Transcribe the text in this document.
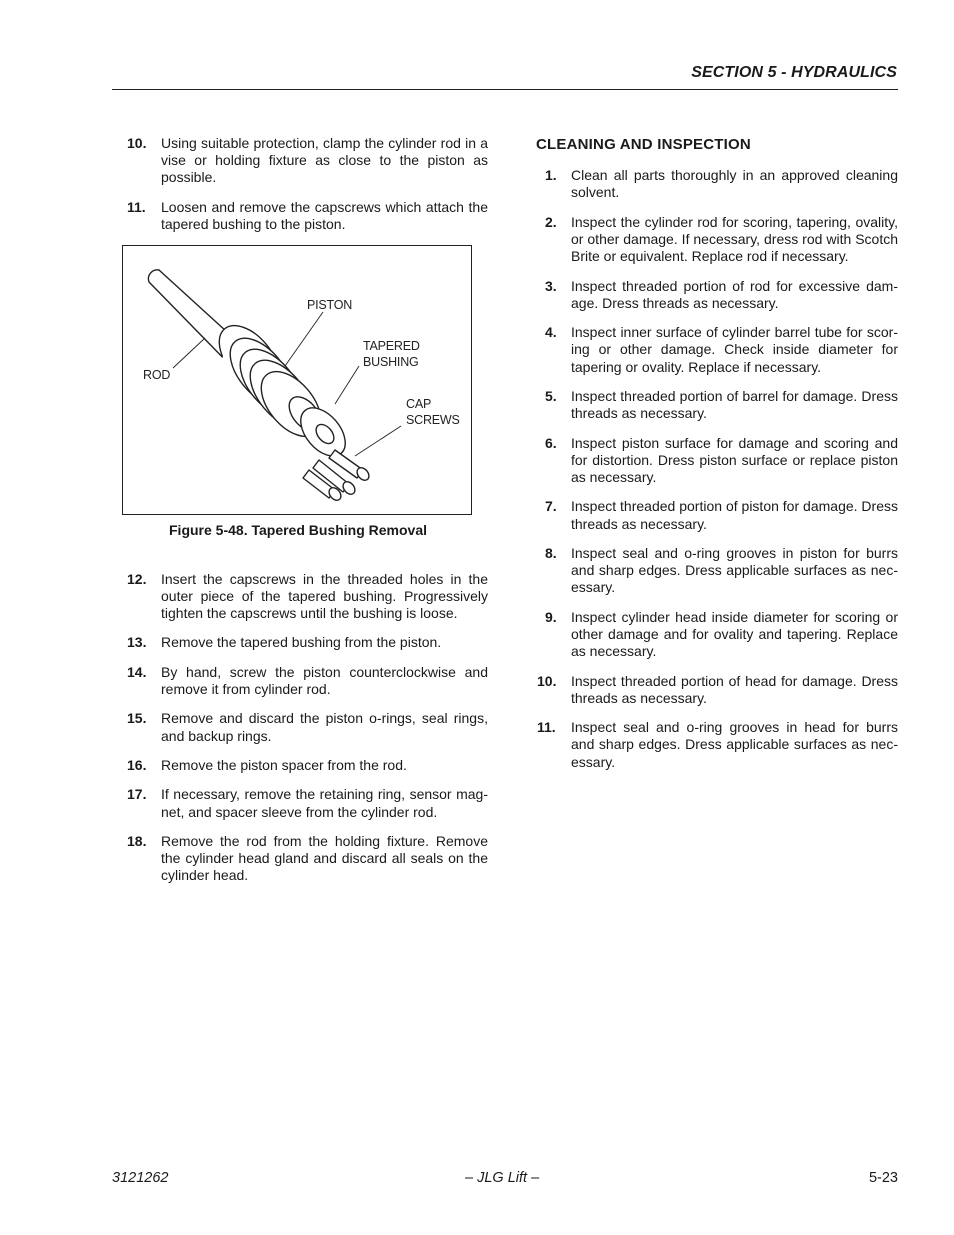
SECTION 5 - HYDRAULICS
10.	Using suitable protection, clamp the cylinder rod in a vise or holding fixture as close to the piston as possible.
11.	Loosen and remove the capscrews which attach the tapered bushing to the piston.
PISTON
TAPERED
BUSHING
ROD
CAP
SCREWS
Figure 5-48. Tapered Bushing Removal
12.	Insert the capscrews in the threaded holes in the outer piece of the tapered bushing. Progressively tighten the capscrews until the bushing is loose.
13.	Remove the tapered bushing from the piston.
14.	By hand, screw the piston counterclockwise and remove it from cylinder rod.
15.	Remove and discard the piston o-rings, seal rings, and backup rings.
16.	Remove the piston spacer from the rod.
17.	If necessary, remove the retaining ring, sensor mag-net, and spacer sleeve from the cylinder rod.
18.	Remove the rod from the holding fixture. Remove the cylinder head gland and discard all seals on the cylinder head.
CLEANING AND INSPECTION
1.	Clean all parts thoroughly in an approved cleaning solvent.
2.	Inspect the cylinder rod for scoring, tapering, ovality, or other damage. If necessary, dress rod with Scotch Brite or equivalent. Replace rod if necessary.
3.	Inspect threaded portion of rod for excessive dam-age. Dress threads as necessary.
4.	Inspect inner surface of cylinder barrel tube for scor-ing or other damage. Check inside diameter for tapering or ovality. Replace if necessary.
5.	Inspect threaded portion of barrel for damage. Dress threads as necessary.
6.	Inspect piston surface for damage and scoring and for distortion. Dress piston surface or replace piston as necessary.
7.	Inspect threaded portion of piston for damage. Dress threads as necessary.
8.	Inspect seal and o-ring grooves in piston for burrs and sharp edges. Dress applicable surfaces as nec-essary.
9.	Inspect cylinder head inside diameter for scoring or other damage and for ovality and tapering. Replace as necessary.
10.	Inspect threaded portion of head for damage. Dress threads as necessary.
11.	Inspect seal and o-ring grooves in head for burrs and sharp edges. Dress applicable surfaces as nec-essary.
3121262	– JLG Lift –	5-23
